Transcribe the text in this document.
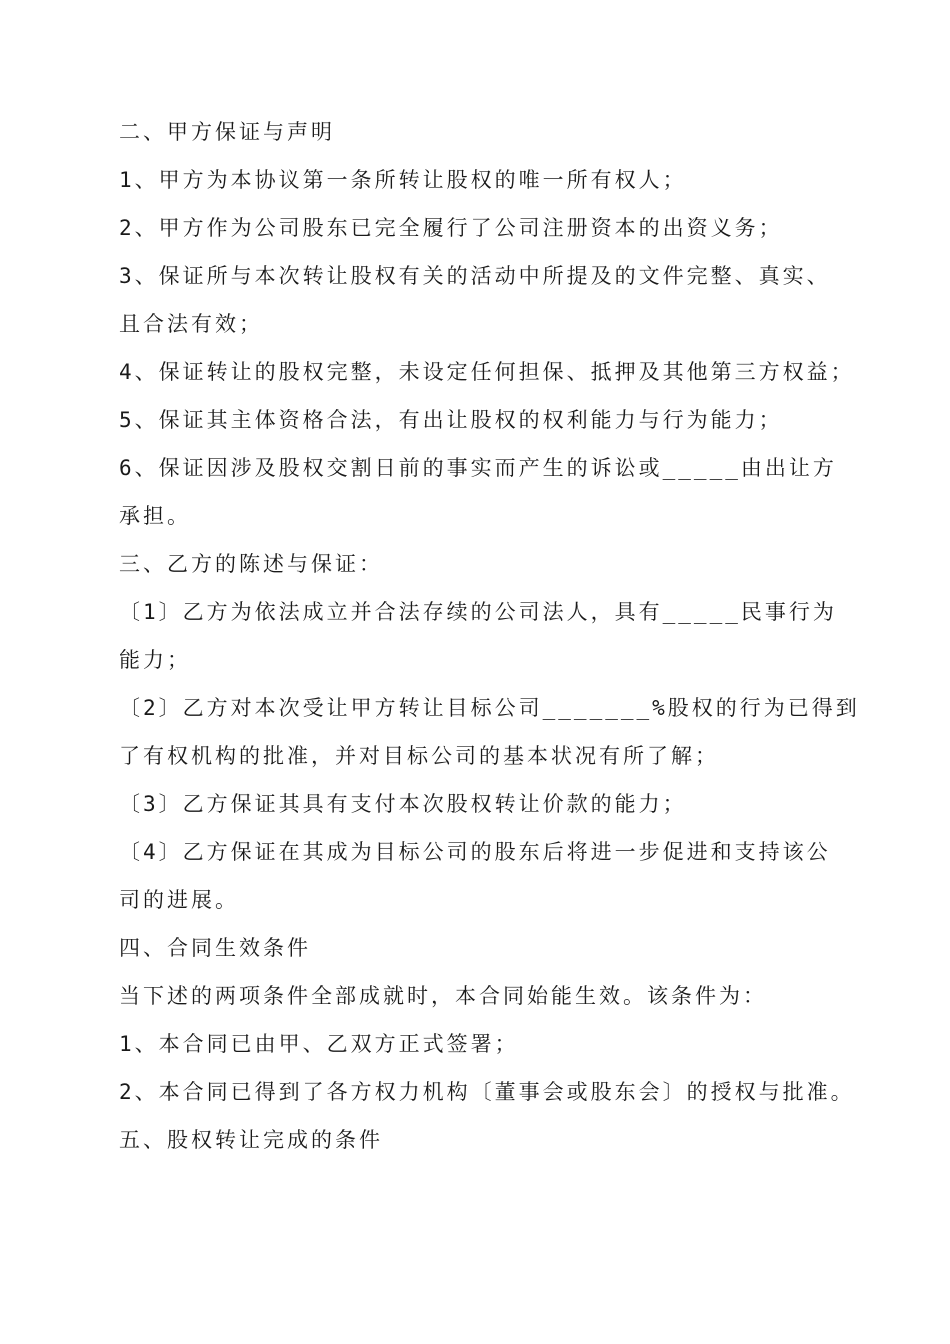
二、甲方保证与声明
1、甲方为本协议第一条所转让股权的唯一所有权人；
2、甲方作为公司股东已完全履行了公司注册资本的出资义务；
3、保证所与本次转让股权有关的活动中所提及的文件完整、真实、
且合法有效；
4、保证转让的股权完整，未设定任何担保、抵押及其他第三方权益；
5、保证其主体资格合法，有出让股权的权利能力与行为能力；
6、保证因涉及股权交割日前的事实而产生的诉讼或_____由出让方
承担。
三、乙方的陈述与保证：
〔1〕乙方为依法成立并合法存续的公司法人，具有_____民事行为
能力；
〔2〕乙方对本次受让甲方转让目标公司_______%股权的行为已得到
了有权机构的批准，并对目标公司的基本状况有所了解；
〔3〕乙方保证其具有支付本次股权转让价款的能力；
〔4〕乙方保证在其成为目标公司的股东后将进一步促进和支持该公
司的进展。
四、合同生效条件
当下述的两项条件全部成就时，本合同始能生效。该条件为：
1、本合同已由甲、乙双方正式签署；
2、本合同已得到了各方权力机构〔董事会或股东会〕的授权与批准。
五、股权转让完成的条件
